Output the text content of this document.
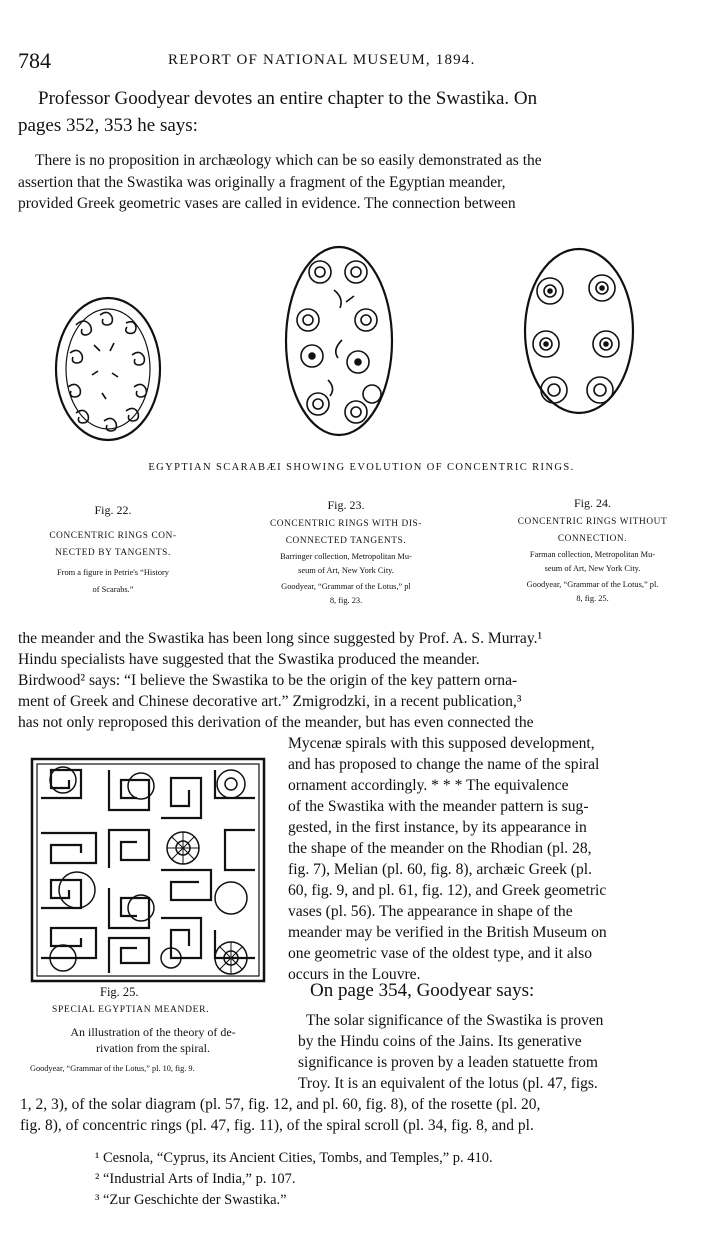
784	REPORT OF NATIONAL MUSEUM, 1894.
Professor Goodyear devotes an entire chapter to the Swastika. On
pages 352, 353 he says:
There is no proposition in archæology which can be so easily demonstrated as the
assertion that the Swastika was originally a fragment of the Egyptian meander,
provided Greek geometric vases are called in evidence. The connection between
EGYPTIAN SCARABÆI SHOWING EVOLUTION OF CONCENTRIC RINGS.
Fig. 22.
CONCENTRIC RINGS CON-
NECTED BY TANGENTS.
From a figure in Petrie's “History
of Scarabs.”
Fig. 23.
CONCENTRIC RINGS WITH DIS-
CONNECTED TANGENTS.
Barringer collection, Metropolitan Mu-
seum of Art, New York City.
Goodyear, “Grammar of the Lotus,” pl
8, fig. 23.
Fig. 24.
CONCENTRIC RINGS WITHOUT
CONNECTION.
Farman collection, Metropolitan Mu-
seum of Art, New York City.
Goodyear, “Grammar of the Lotus,” pl.
8, fig. 25.
the meander and the Swastika has been long since suggested by Prof. A. S. Murray.¹
Hindu specialists have suggested that the Swastika produced the meander.
Birdwood² says: “I believe the Swastika to be the origin of the key pattern orna-
ment of Greek and Chinese decorative art.” Zmigrodzki, in a recent publication,³
has not only reproposed this derivation of the meander, but has even connected the
Mycenæ spirals with this supposed development,
and has proposed to change the name of the spiral
ornament accordingly. * * * The equivalence
of the Swastika with the meander pattern is sug-
gested, in the first instance, by its appearance in
the shape of the meander on the Rhodian (pl. 28,
fig. 7), Melian (pl. 60, fig. 8), archæic Greek (pl.
60, fig. 9, and pl. 61, fig. 12), and Greek geometric
vases (pl. 56). The appearance in shape of the
meander may be verified in the British Museum on
one geometric vase of the oldest type, and it also
occurs in the Louvre.
Fig. 25.
SPECIAL EGYPTIAN MEANDER.
An illustration of the theory of de-
rivation from the spiral.
Goodyear, “Grammar of the Lotus,” pl. 10, fig. 9.
On page 354, Goodyear says:
The solar significance of the Swastika is proven
by the Hindu coins of the Jains. Its generative
significance is proven by a leaden statuette from
Troy. It is an equivalent of the lotus (pl. 47, figs.
1, 2, 3), of the solar diagram (pl. 57, fig. 12, and pl. 60, fig. 8), of the rosette (pl. 20,
fig. 8), of concentric rings (pl. 47, fig. 11), of the spiral scroll (pl. 34, fig. 8, and pl.
¹ Cesnola, “Cyprus, its Ancient Cities, Tombs, and Temples,” p. 410.
² “Industrial Arts of India,” p. 107.
³ “Zur Geschichte der Swastika.”
